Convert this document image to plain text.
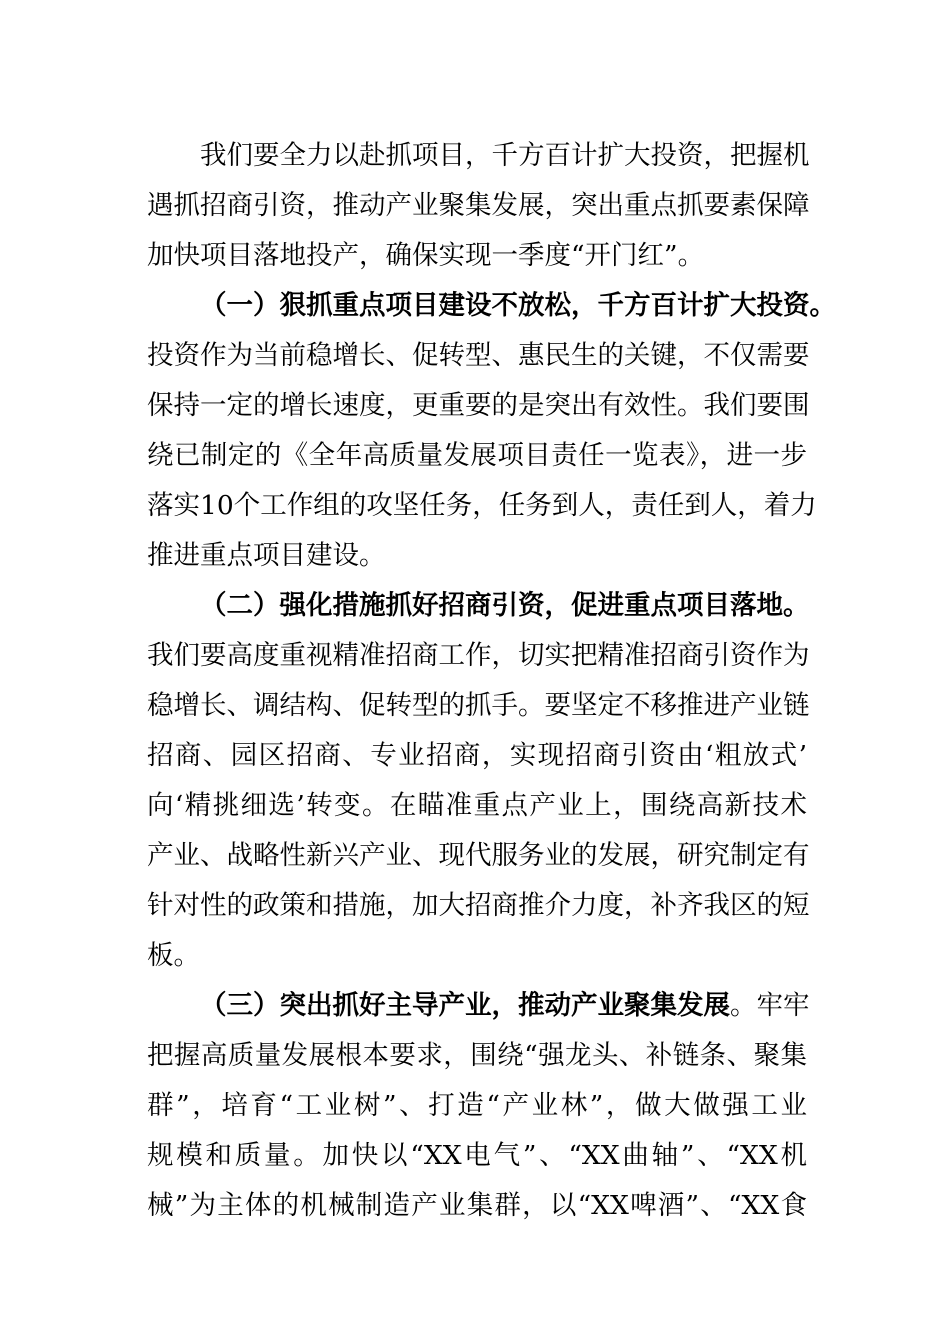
我们要全力以赴抓项目，千方百计扩大投资，把握机
遇抓招商引资，推动产业聚集发展，突出重点抓要素保障
加快项目落地投产，确保实现一季度“开门红”。
（一）狠抓重点项目建设不放松，千方百计扩大投资。
投资作为当前稳增长、促转型、惠民生的关键，不仅需要
保持一定的增长速度，更重要的是突出有效性。我们要围
绕已制定的《全年高质量发展项目责任一览表》，进一步
落实10个工作组的攻坚任务，任务到人，责任到人，着力
推进重点项目建设。
（二）强化措施抓好招商引资，促进重点项目落地。
我们要高度重视精准招商工作，切实把精准招商引资作为
稳增长、调结构、促转型的抓手。要坚定不移推进产业链
招商、园区招商、专业招商，实现招商引资由‘粗放式’
向‘精挑细选’转变。在瞄准重点产业上，围绕高新技术
产业、战略性新兴产业、现代服务业的发展，研究制定有
针对性的政策和措施，加大招商推介力度，补齐我区的短
板。
（三）突出抓好主导产业，推动产业聚集发展。牢牢
把握高质量发展根本要求，围绕“强龙头、补链条、聚集
群”，培育“工业树”、打造“产业林”，做大做强工业
规模和质量。加快以“XX电气”、“XX曲轴”、“XX机
械”为主体的机械制造产业集群，以“XX啤酒”、“XX食
